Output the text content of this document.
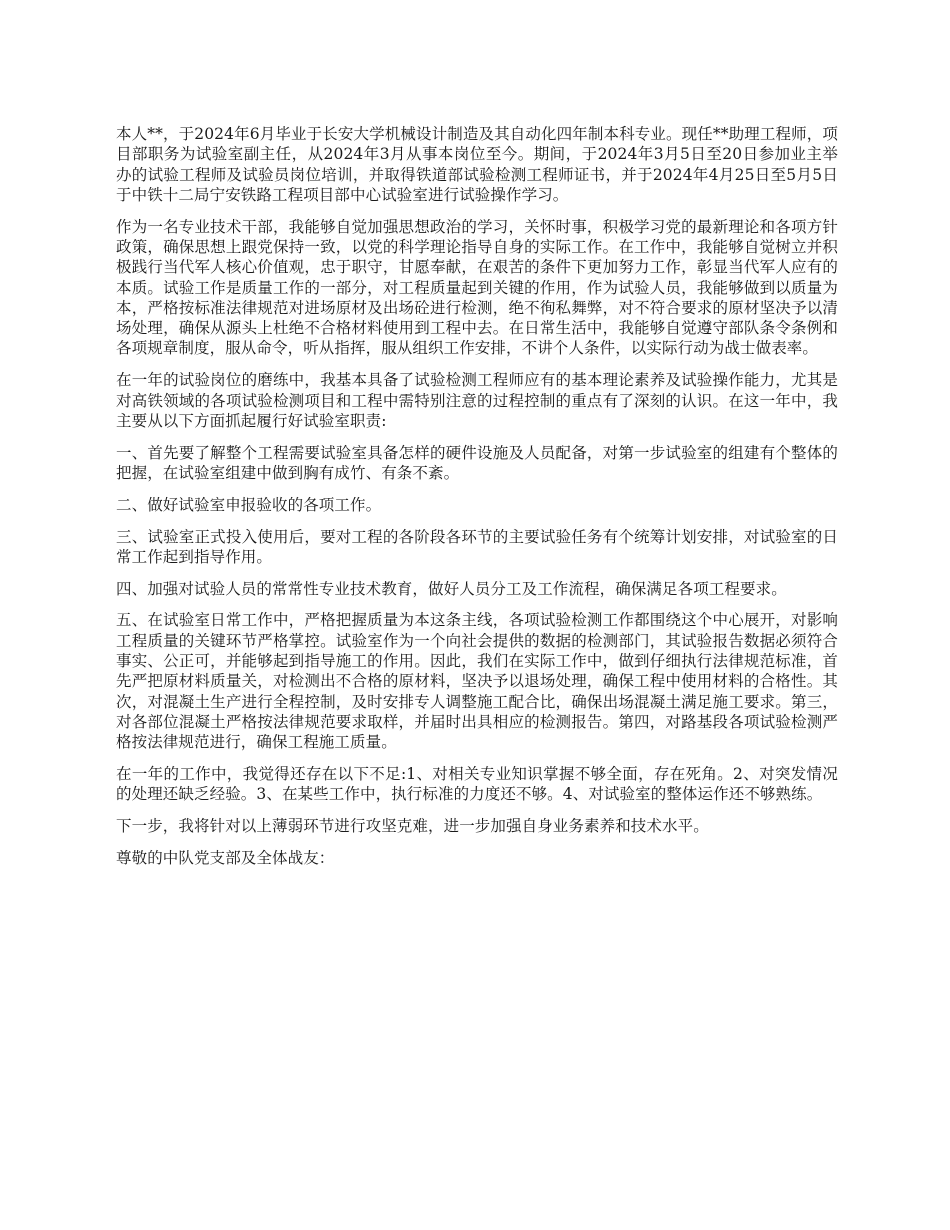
本人**，于2024年6月毕业于长安大学机械设计制造及其自动化四年制本科专业。现任**助理工程师，项目部职务为试验室副主任，从2024年3月从事本岗位至今。期间，于2024年3月5日至20日参加业主举办的试验工程师及试验员岗位培训，并取得铁道部试验检测工程师证书，并于2024年4月25日至5月5日于中铁十二局宁安铁路工程项目部中心试验室进行试验操作学习。

作为一名专业技术干部，我能够自觉加强思想政治的学习，关怀时事，积极学习党的最新理论和各项方针政策，确保思想上跟党保持一致，以党的科学理论指导自身的实际工作。在工作中，我能够自觉树立并积极践行当代军人核心价值观，忠于职守，甘愿奉献，在艰苦的条件下更加努力工作，彰显当代军人应有的本质。试验工作是质量工作的一部分，对工程质量起到关键的作用，作为试验人员，我能够做到以质量为本，严格按标准法律规范对进场原材及出场砼进行检测，绝不徇私舞弊，对不符合要求的原材坚决予以清场处理，确保从源头上杜绝不合格材料使用到工程中去。在日常生活中，我能够自觉遵守部队条令条例和各项规章制度，服从命令，听从指挥，服从组织工作安排，不讲个人条件，以实际行动为战士做表率。

在一年的试验岗位的磨练中，我基本具备了试验检测工程师应有的基本理论素养及试验操作能力，尤其是对高铁领域的各项试验检测项目和工程中需特别注意的过程控制的重点有了深刻的认识。在这一年中，我主要从以下方面抓起履行好试验室职责:

一、首先要了解整个工程需要试验室具备怎样的硬件设施及人员配备，对第一步试验室的组建有个整体的把握，在试验室组建中做到胸有成竹、有条不紊。

二、做好试验室申报验收的各项工作。

三、试验室正式投入使用后，要对工程的各阶段各环节的主要试验任务有个统筹计划安排，对试验室的日常工作起到指导作用。

四、加强对试验人员的常常性专业技术教育，做好人员分工及工作流程，确保满足各项工程要求。

五、在试验室日常工作中，严格把握质量为本这条主线，各项试验检测工作都围绕这个中心展开，对影响工程质量的关键环节严格掌控。试验室作为一个向社会提供的数据的检测部门，其试验报告数据必须符合事实、公正可，并能够起到指导施工的作用。因此，我们在实际工作中，做到仔细执行法律规范标准，首先严把原材料质量关，对检测出不合格的原材料，坚决予以退场处理，确保工程中使用材料的合格性。其次，对混凝土生产进行全程控制，及时安排专人调整施工配合比，确保出场混凝土满足施工要求。第三，对各部位混凝土严格按法律规范要求取样，并届时出具相应的检测报告。第四，对路基段各项试验检测严格按法律规范进行，确保工程施工质量。

在一年的工作中，我觉得还存在以下不足:1、对相关专业知识掌握不够全面，存在死角。2、对突发情况的处理还缺乏经验。3、在某些工作中，执行标准的力度还不够。4、对试验室的整体运作还不够熟练。

下一步，我将针对以上薄弱环节进行攻坚克难，进一步加强自身业务素养和技术水平。

尊敬的中队党支部及全体战友：
